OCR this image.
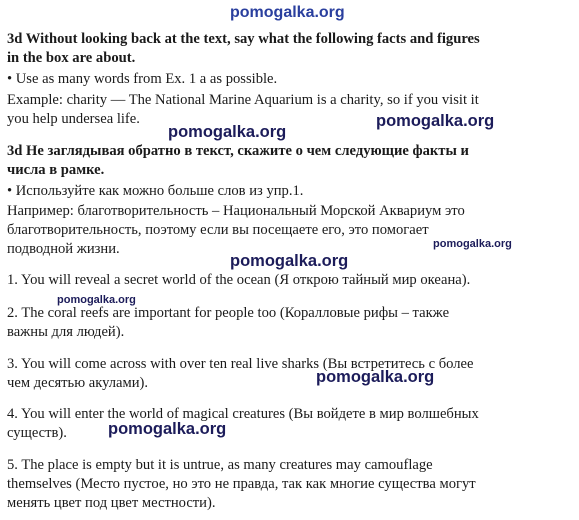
3d Without looking back at the text, say what the following facts and figures
in the box are about.
• Use as many words from Ex. 1 a as possible.
Example: charity — The National Marine Aquarium is a charity, so if you visit it
you help undersea life.
3d Не заглядывая обратно в текст, скажите о чем следующие факты и
числа в рамке.
• Используйте как можно больше слов из упр.1.
Например: благотворительность – Национальный Морской Аквариум это
благотворительность, поэтому если вы посещаете его, это помогает
подводной жизни.
1. You will reveal a secret world of the ocean (Я открою тайный мир океана).
2. The coral reefs are important for people too (Коралловые рифы – также
важны для людей).
3. You will come across with over ten real live sharks (Вы встретитесь с более
чем десятью акулами).
4. You will enter the world of magical creatures (Вы войдете в мир волшебных
существ).
5. The place is empty but it is untrue, as many creatures may camouflage
themselves (Место пустое, но это не правда, так как многие существа могут
менять цвет под цвет местности).
pomogalka.org
pomogalka.org
pomogalka.org
pomogalka.org
pomogalka.org
pomogalka.org
pomogalka.org
pomogalka.org
